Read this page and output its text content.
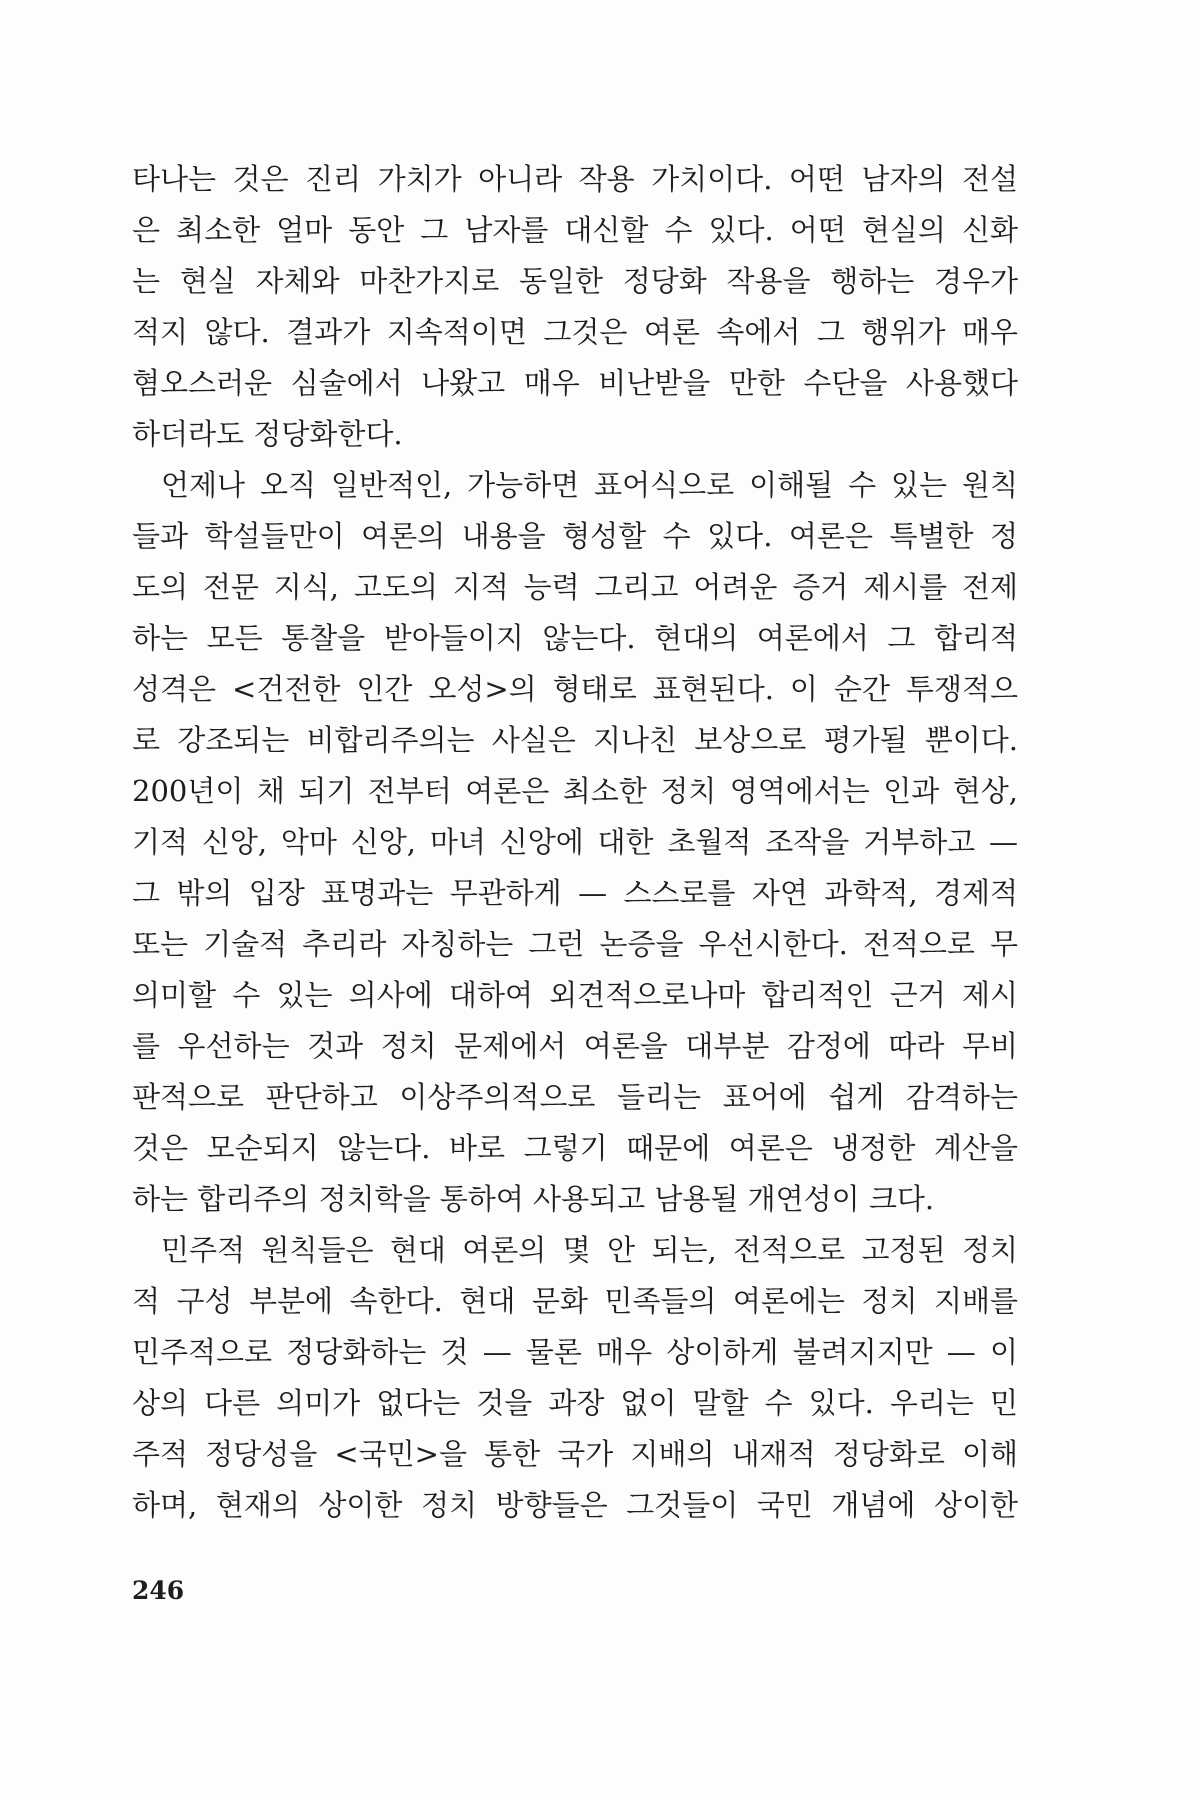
타나는 것은 진리 가치가 아니라 작용 가치이다. 어떤 남자의 전설
은 최소한 얼마 동안 그 남자를 대신할 수 있다. 어떤 현실의 신화
는 현실 자체와 마찬가지로 동일한 정당화 작용을 행하는 경우가
적지 않다. 결과가 지속적이면 그것은 여론 속에서 그 행위가 매우
혐오스러운 심술에서 나왔고 매우 비난받을 만한 수단을 사용했다
하더라도 정당화한다.
언제나 오직 일반적인, 가능하면 표어식으로 이해될 수 있는 원칙
들과 학설들만이 여론의 내용을 형성할 수 있다. 여론은 특별한 정
도의 전문 지식, 고도의 지적 능력 그리고 어려운 증거 제시를 전제
하는 모든 통찰을 받아들이지 않는다. 현대의 여론에서 그 합리적
성격은 <건전한 인간 오성>의 형태로 표현된다. 이 순간 투쟁적으
로 강조되는 비합리주의는 사실은 지나친 보상으로 평가될 뿐이다.
200년이 채 되기 전부터 여론은 최소한 정치 영역에서는 인과 현상,
기적 신앙, 악마 신앙, 마녀 신앙에 대한 초월적 조작을 거부하고 —
그 밖의 입장 표명과는 무관하게 — 스스로를 자연 과학적, 경제적
또는 기술적 추리라 자칭하는 그런 논증을 우선시한다. 전적으로 무
의미할 수 있는 의사에 대하여 외견적으로나마 합리적인 근거 제시
를 우선하는 것과 정치 문제에서 여론을 대부분 감정에 따라 무비
판적으로 판단하고 이상주의적으로 들리는 표어에 쉽게 감격하는
것은 모순되지 않는다. 바로 그렇기 때문에 여론은 냉정한 계산을
하는 합리주의 정치학을 통하여 사용되고 남용될 개연성이 크다.
민주적 원칙들은 현대 여론의 몇 안 되는, 전적으로 고정된 정치
적 구성 부분에 속한다. 현대 문화 민족들의 여론에는 정치 지배를
민주적으로 정당화하는 것 — 물론 매우 상이하게 불려지지만 — 이
상의 다른 의미가 없다는 것을 과장 없이 말할 수 있다. 우리는 민
주적 정당성을 <국민>을 통한 국가 지배의 내재적 정당화로 이해
하며, 현재의 상이한 정치 방향들은 그것들이 국민 개념에 상이한
246
